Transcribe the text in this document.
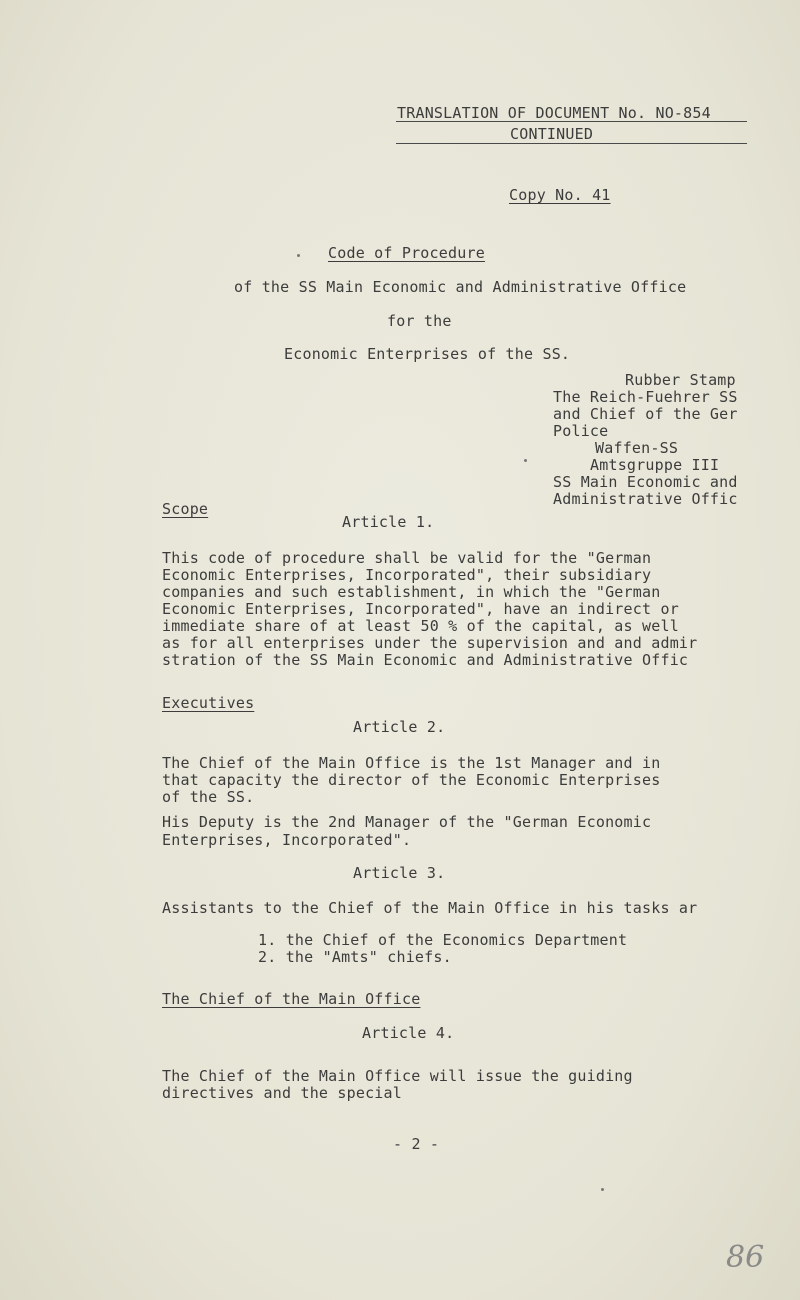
TRANSLATION OF DOCUMENT No. NO-854
CONTINUED
Copy No. 41
Code of Procedure
of the SS Main Economic and Administrative Office
for the
Economic Enterprises of the SS.
Rubber Stamp
The Reich-Fuehrer SS
and Chief of the Ger
Police
Waffen-SS
Amtsgruppe III
SS Main Economic and
Administrative Offic
Scope
Article 1.
This code of procedure shall be valid for the "German
Economic Enterprises, Incorporated", their subsidiary
companies and such establishment, in which the "German
Economic Enterprises, Incorporated", have an indirect or
immediate share of at least 50 % of the capital, as well
as for all enterprises under the supervision and and admir
stration of the SS Main Economic and Administrative Offic
Executives
Article 2.
The Chief of the Main Office is the 1st Manager and in
that capacity the director of the Economic Enterprises
of the SS.
His Deputy is the 2nd Manager of the "German Economic
Enterprises, Incorporated".
Article 3.
Assistants to the Chief of the Main Office in his tasks ar
1. the Chief of the Economics Department
2. the "Amts" chiefs.
The Chief of the Main Office
Article 4.
The Chief of the Main Office will issue the guiding
directives and the special
- 2 -
86
